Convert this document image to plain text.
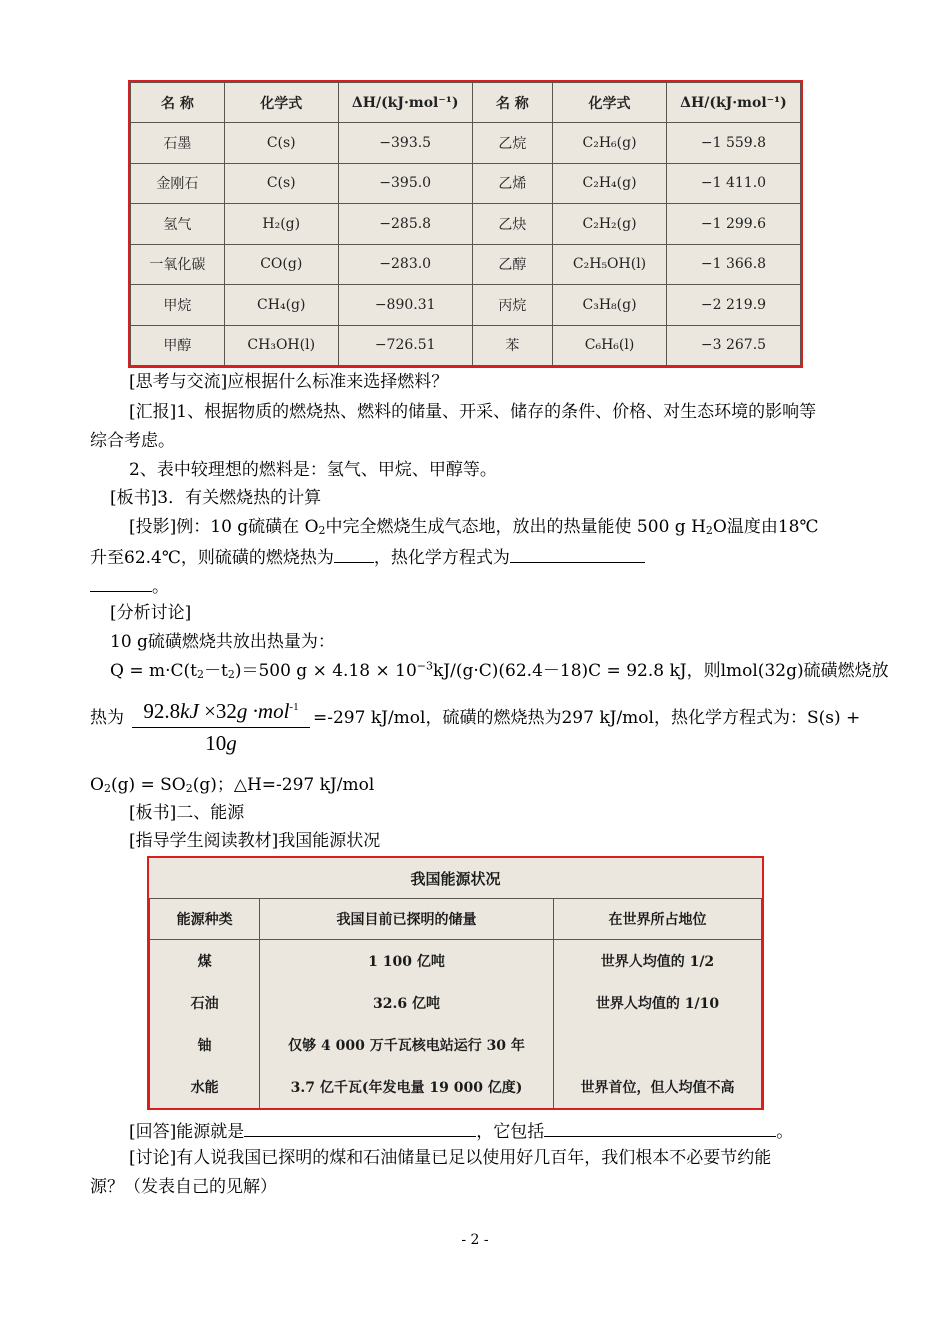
名 称	化学式	ΔH/(kJ·mol⁻¹)	名 称	化学式	ΔH/(kJ·mol⁻¹)
石墨	C(s)	−393.5	乙烷	C₂H₆(g)	−1 559.8
金刚石	C(s)	−395.0	乙烯	C₂H₄(g)	−1 411.0
氢气	H₂(g)	−285.8	乙炔	C₂H₂(g)	−1 299.6
一氧化碳	CO(g)	−283.0	乙醇	C₂H₅OH(l)	−1 366.8
甲烷	CH₄(g)	−890.31	丙烷	C₃H₈(g)	−2 219.9
甲醇	CH₃OH(l)	−726.51	苯	C₆H₆(l)	−3 267.5
[思考与交流]应根据什么标准来选择燃料？
[汇报]1、根据物质的燃烧热、燃料的储量、开采、储存的条件、价格、对生态环境的影响等
综合考虑。
2、表中较理想的燃料是：氢气、甲烷、甲醇等。
[板书]3．有关燃烧热的计算
[投影]例：10 g硫磺在 $O_2$中完全燃烧生成气态地，放出的热量能使 500 g $H_2O$温度由18℃
升至62.4℃，则硫磺的燃烧热为 ，热化学方程式为
。
[分析讨论]
10 g硫磺燃烧共放出热量为：
$Q = m\cdot C(t_2-t_2)=500$ $g \times 4.18 \times 10^{-3}kJ/(g\cdot C)(62.4-18)C = 92.8$ kJ，则lmol(32g)硫磺燃烧放
热为 92.8kJ ×32g ·mol$^{-1}$
10g
=-297 kJ/mol，硫磺的燃烧热为297 kJ/mol，热化学方程式为：S(s) +
$O_2(g) = SO_2(g)$；△H=-297 kJ/mol
[板书]二、能源
[指导学生阅读教材]我国能源状况
我国能源状况		
能源种类	我国目前已探明的储量	在世界所占地位
煤	1 100 亿吨	世界人均值的 1/2
石油	32.6 亿吨	世界人均值的 1/10
铀	仅够 4 000 万千瓦核电站运行 30 年	
水能	3.7 亿千瓦(年发电量 19 000 亿度)	世界首位，但人均值不高
[回答]能源就是	，它包括	。
[讨论]有人说我国已探明的煤和石油储量已足以使用好几百年，我们根本不必要节约能
源？（发表自己的见解）
- 2 -
